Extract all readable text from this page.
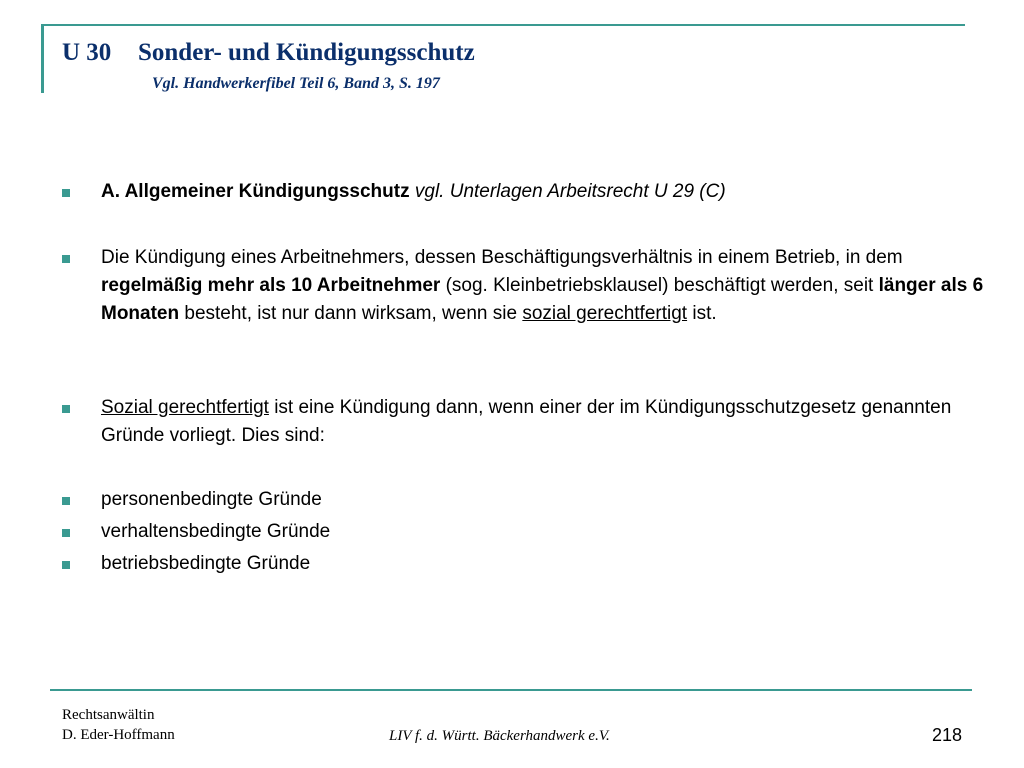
U 30 Sonder- und Kündigungsschutz
Vgl. Handwerkerfibel Teil 6, Band 3, S. 197
A. Allgemeiner Kündigungsschutz vgl. Unterlagen Arbeitsrecht U 29 (C)
Die Kündigung eines Arbeitnehmers, dessen Beschäftigungsverhältnis in einem Betrieb, in dem regelmäßig mehr als 10 Arbeitnehmer (sog. Kleinbetriebsklausel) beschäftigt werden, seit länger als 6 Monaten besteht, ist nur dann wirksam, wenn sie sozial gerechtfertigt ist.
Sozial gerechtfertigt ist eine Kündigung dann, wenn einer der im Kündigungsschutzgesetz genannten Gründe vorliegt. Dies sind:
personenbedingte Gründe
verhaltensbedingte Gründe
betriebsbedingte Gründe
Rechtsanwältin
D. Eder-Hoffmann	LIV f. d. Württ. Bäckerhandwerk e.V.	218
